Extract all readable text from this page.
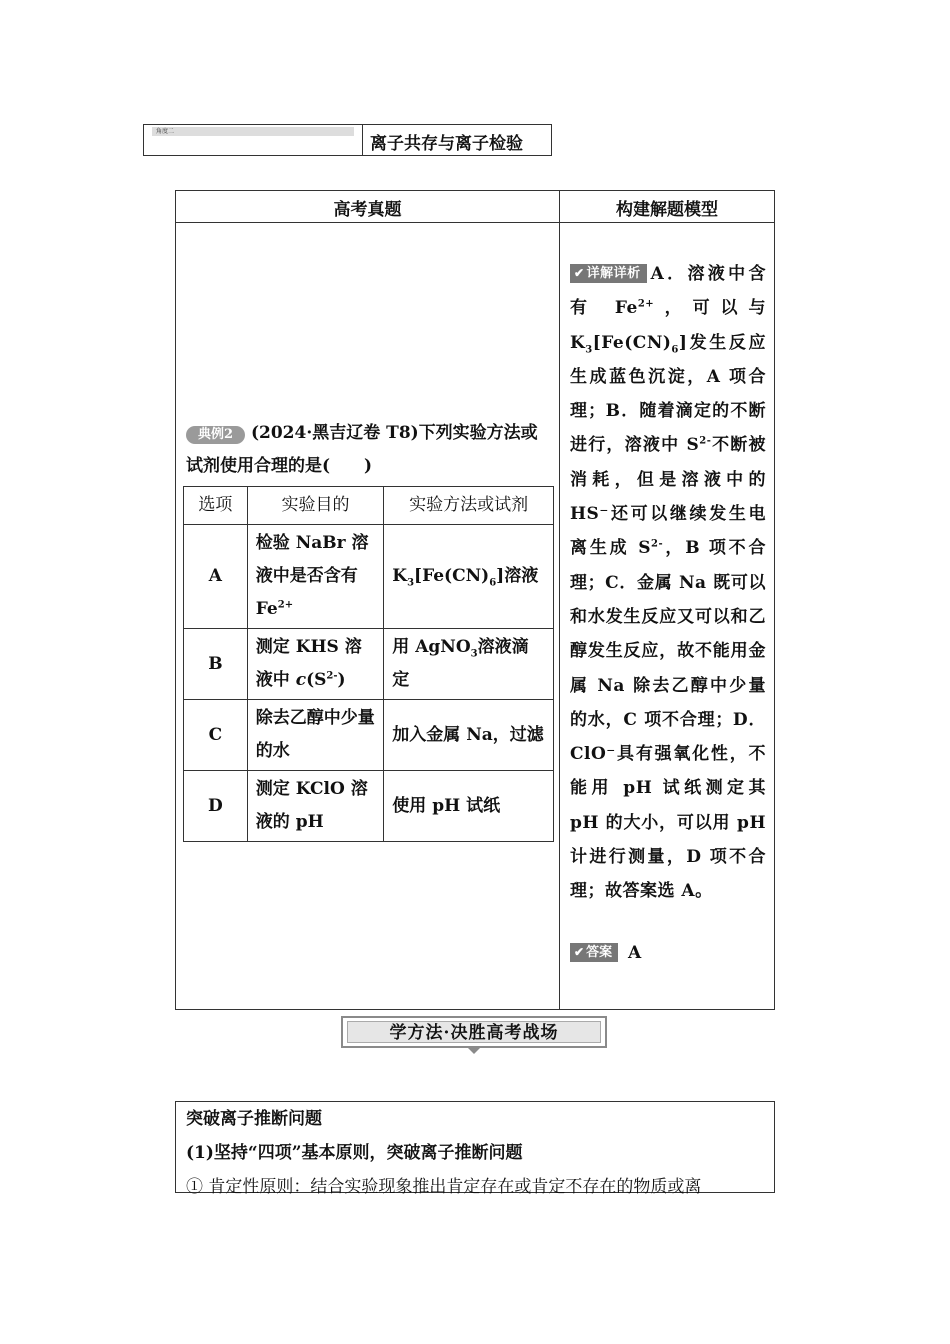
角度二
离子共存与离子检验
高考真题	构建解题模型
典例2 (2024·黑吉辽卷 T8)下列实验方法或试剂使用合理的是(　　)
选项	实验目的	实验方法或试剂
A	检验 NaBr 溶液中是否含有 $Fe^{2+}$	$K_3[Fe(CN)_6]$溶液
B	测定 KHS 溶液中 $c(S^{2-})$	用 AgNO$_3$溶液滴定
C	除去乙醇中少量的水	加入金属 Na，过滤
D	测定 KClO 溶液的 pH	使用 pH 试纸
✔ 详解详析 A．溶液中含有 $Fe^{2+}$，可以与 $K_3[Fe(CN)_6]$发生反应生成蓝色沉淀，A 项合理；B．随着滴定的不断进行，溶液中 $S^{2-}$不断被消耗，但是溶液中的 HS⁻还可以继续发生电离生成 $S^{2-}$，B 项不合理；C．金属 Na 既可以和水发生反应又可以和乙醇发生反应，故不能用金属 Na 除去乙醇中少量的水，C 项不合理；D．ClO⁻具有强氧化性，不能用 pH 试纸测定其 pH 的大小，可以用 pH 计进行测量，D 项不合理；故答案选 A。
✔ 答案 A
学方法·决胜高考战场

突破离子推断问题

(1)坚持“四项”基本原则，突破离子推断问题

① 肯定性原则：结合实验现象推出肯定存在或肯定不存在的物质或离
